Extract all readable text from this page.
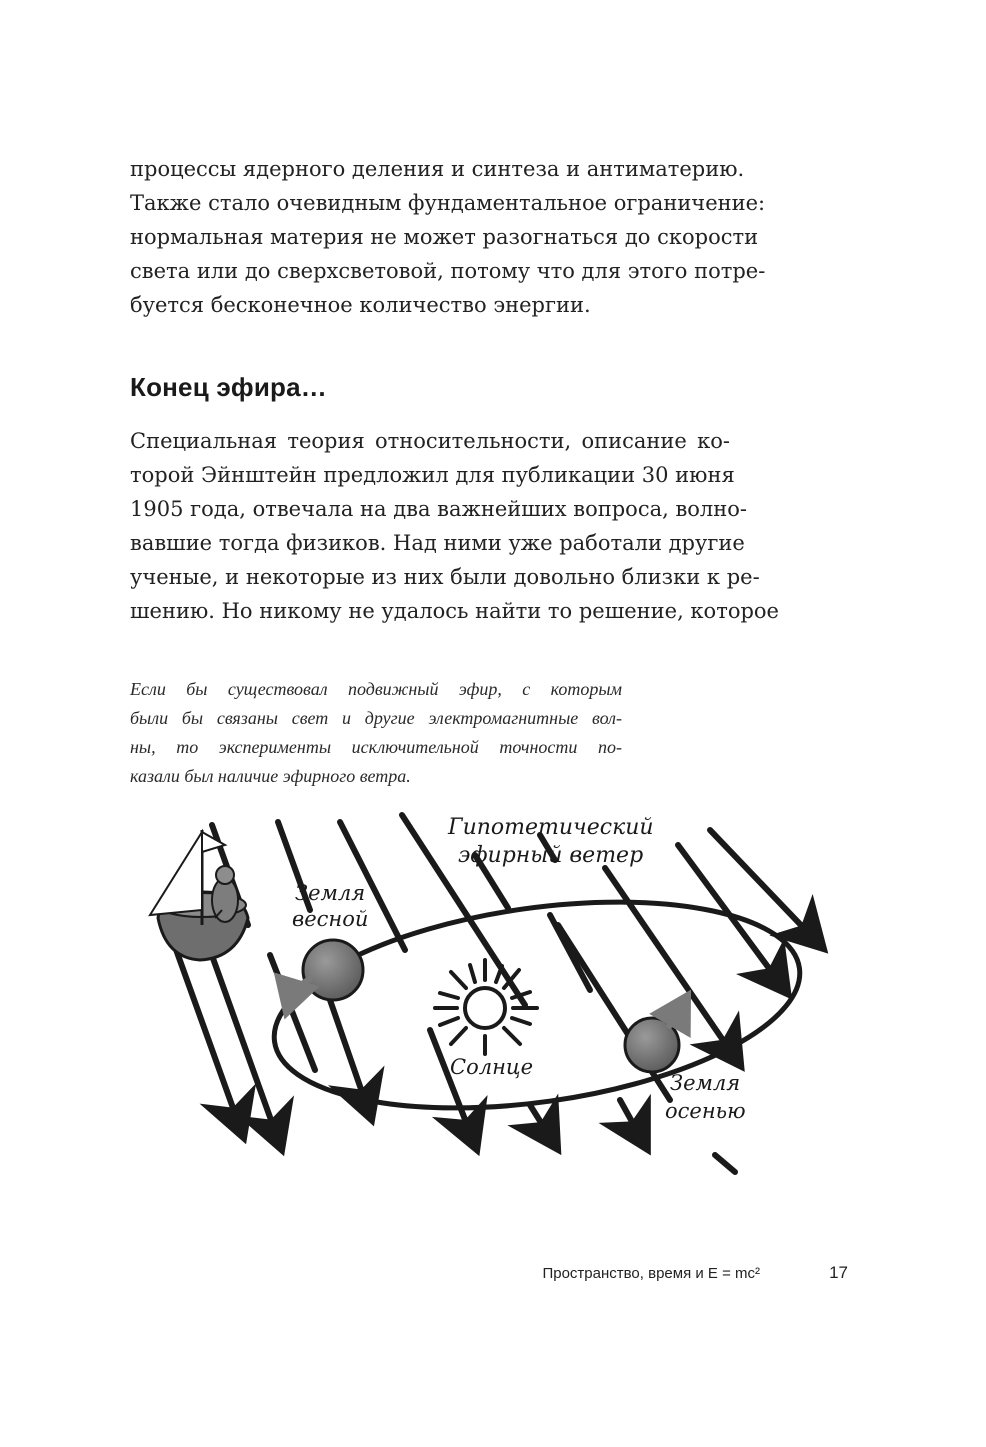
процессы ядерного деления и синтеза и антиматерию.
Также стало очевидным фундаментальное ограничение:
нормальная материя не может разогнаться до скорости
света или до сверхсветовой, потому что для этого потре-
буется бесконечное количество энергии.
Конец эфира…
Специальная теория относительности, описание ко-
торой Эйнштейн предложил для публикации 30 июня
1905 года, отвечала на два важнейших вопроса, волно-
вавшие тогда физиков. Над ними уже работали другие
ученые, и некоторые из них были довольно близки к ре-
шению. Но никому не удалось найти то решение, которое
Если бы существовал подвижный эфир, с которым
были бы связаны свет и другие электромагнитные вол-
ны, то эксперименты исключительной точности по-
казали был наличие эфирного ветра.
Гипотетический
эфирный ветер
Земля
весной
Солнце
Земля
осенью
Пространство, время и E = mc²	17
